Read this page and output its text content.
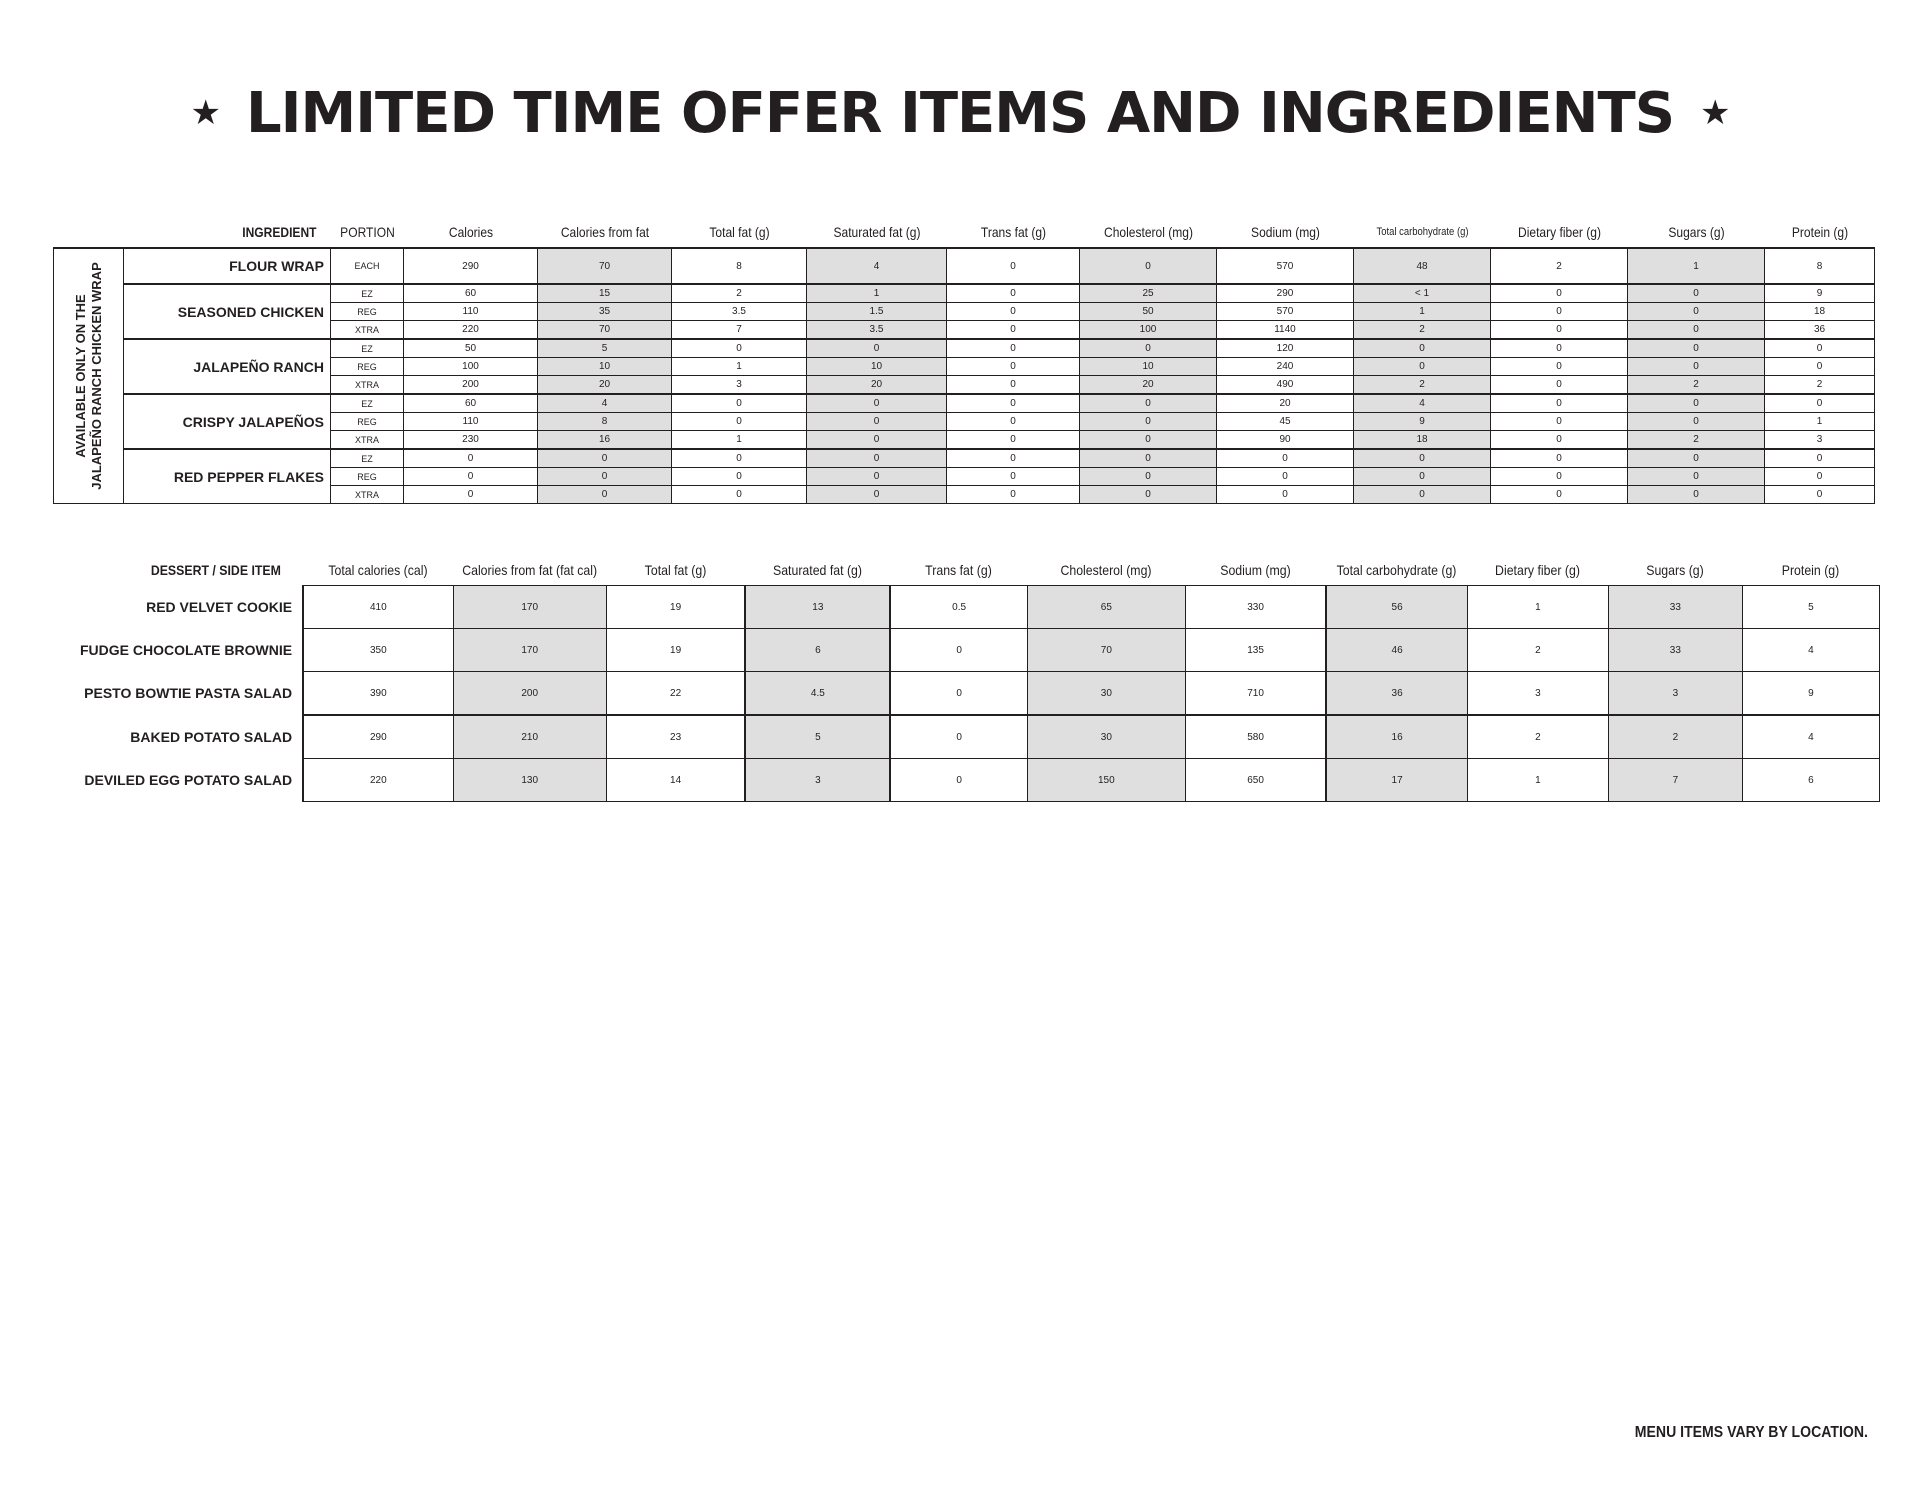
★ LIMITED TIME OFFER ITEMS AND INGREDIENTS ★
	INGREDIENT	PORTION	Calories	Calories from fat	Total fat (g)	Saturated fat (g)	Trans fat (g)	Cholesterol (mg)	Sodium (mg)	Total carbohydrate (g)	Dietary fiber (g)	Sugars (g)	Protein (g)

AVAILABLE ONLY ON THE JALAPEÑO RANCH CHICKEN WRAP	FLOUR WRAP	EACH	290	70	8	4	0	0	570	48	2	1	8
	SEASONED CHICKEN	EZ	60	15	2	1	0	25	290	< 1	0	0	9
		REG	110	35	3.5	1.5	0	50	570	1	0	0	18
		XTRA	220	70	7	3.5	0	100	1140	2	0	0	36
	JALAPEÑO RANCH	EZ	50	5	0	0	0	0	120	0	0	0	0
		REG	100	10	1	10	0	10	240	0	0	0	0
		XTRA	200	20	3	20	0	20	490	2	0	2	2
	CRISPY JALAPEÑOS	EZ	60	4	0	0	0	0	20	4	0	0	0
		REG	110	8	0	0	0	0	45	9	0	0	1
		XTRA	230	16	1	0	0	0	90	18	0	2	3
	RED PEPPER FLAKES	EZ	0	0	0	0	0	0	0	0	0	0	0
		REG	0	0	0	0	0	0	0	0	0	0	0
		XTRA	0	0	0	0	0	0	0	0	0	0	0
DESSERT / SIDE ITEM	Total calories (cal)	Calories from fat (fat cal)	Total fat (g)	Saturated fat (g)	Trans fat (g)	Cholesterol (mg)	Sodium (mg)	Total carbohydrate (g)	Dietary fiber (g)	Sugars (g)	Protein (g)
RED VELVET COOKIE	410	170	19	13	0.5	65	330	56	1	33	5
FUDGE CHOCOLATE BROWNIE	350	170	19	6	0	70	135	46	2	33	4
PESTO BOWTIE PASTA SALAD	390	200	22	4.5	0	30	710	36	3	3	9
BAKED POTATO SALAD	290	210	23	5	0	30	580	16	2	2	4
DEVILED EGG POTATO SALAD	220	130	14	3	0	150	650	17	1	7	6
MENU ITEMS VARY BY LOCATION.
